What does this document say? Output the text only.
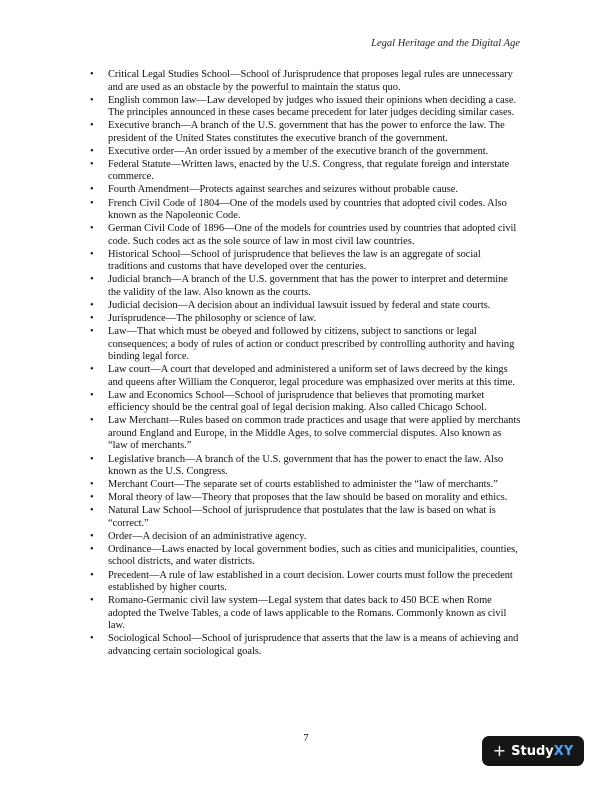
Legal Heritage and the Digital Age
• Critical Legal Studies School—School of Jurisprudence that proposes legal rules are unnecessary and are used as an obstacle by the powerful to maintain the status quo.
• English common law—Law developed by judges who issued their opinions when deciding a case. The principles announced in these cases became precedent for later judges deciding similar cases.
• Executive branch—A branch of the U.S. government that has the power to enforce the law. The president of the United States constitutes the executive branch of the government.
• Executive order—An order issued by a member of the executive branch of the government.
• Federal Statute—Written laws, enacted by the U.S. Congress, that regulate foreign and interstate commerce.
• Fourth Amendment—Protects against searches and seizures without probable cause.
• French Civil Code of 1804—One of the models used by countries that adopted civil codes. Also known as the Napoleonic Code.
• German Civil Code of 1896—One of the models for countries used by countries that adopted civil code. Such codes act as the sole source of law in most civil law countries.
• Historical School—School of jurisprudence that believes the law is an aggregate of social traditions and customs that have developed over the centuries.
• Judicial branch—A branch of the U.S. government that has the power to interpret and determine the validity of the law. Also known as the courts.
• Judicial decision—A decision about an individual lawsuit issued by federal and state courts.
• Jurisprudence—The philosophy or science of law.
• Law—That which must be obeyed and followed by citizens, subject to sanctions or legal consequences; a body of rules of action or conduct prescribed by controlling authority and having binding legal force.
• Law court—A court that developed and administered a uniform set of laws decreed by the kings and queens after William the Conqueror, legal procedure was emphasized over merits at this time.
• Law and Economics School—School of jurisprudence that believes that promoting market efficiency should be the central goal of legal decision making. Also called Chicago School.
• Law Merchant—Rules based on common trade practices and usage that were applied by merchants around England and Europe, in the Middle Ages, to solve commercial disputes. Also known as “law of merchants.”
• Legislative branch—A branch of the U.S. government that has the power to enact the law. Also known as the U.S. Congress.
• Merchant Court—The separate set of courts established to administer the “law of merchants.”
• Moral theory of law—Theory that proposes that the law should be based on morality and ethics.
• Natural Law School—School of jurisprudence that postulates that the law is based on what is “correct.”
• Order—A decision of an administrative agency.
• Ordinance—Laws enacted by local government bodies, such as cities and municipalities, counties, school districts, and water districts.
• Precedent—A rule of law established in a court decision. Lower courts must follow the precedent established by higher courts.
• Romano-Germanic civil law system—Legal system that dates back to 450 BCE when Rome adopted the Twelve Tables, a code of laws applicable to the Romans. Commonly known as civil law.
• Sociological School—School of jurisprudence that asserts that the law is a means of achieving and advancing certain sociological goals.
7
+ StudyXY
